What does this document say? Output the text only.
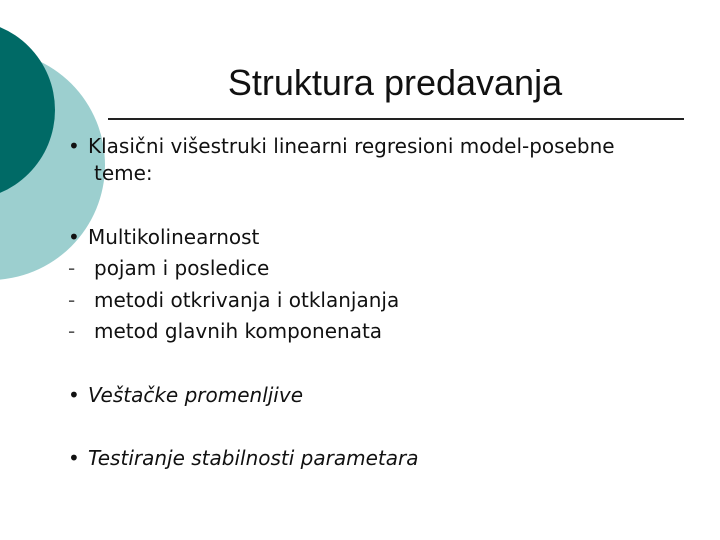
Struktura predavanja
• Klasični višestruki linearni regresioni model-posebne
teme:
• Multikolinearnost
- pojam i posledice
- metodi otkrivanja i otklanjanja
- metod glavnih komponenata
• Veštačke promenljive
• Testiranje stabilnosti parametara
